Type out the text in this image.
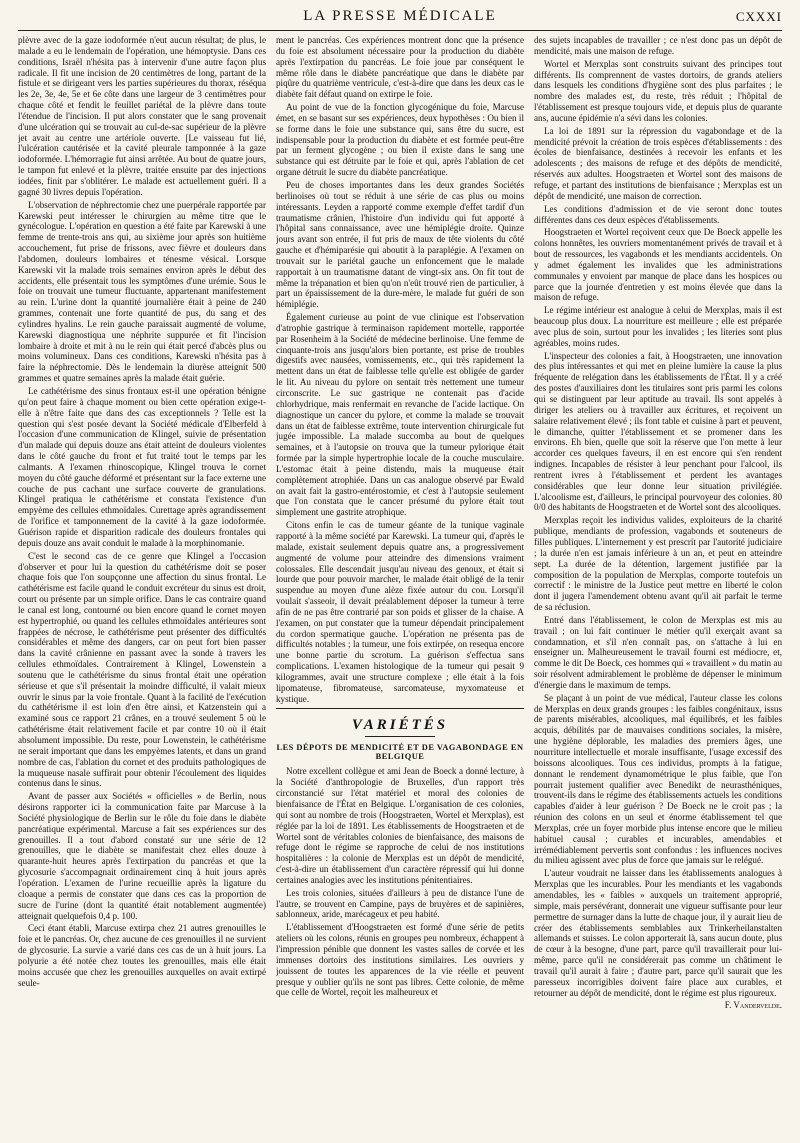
LA PRESSE MÉDICALE	CXXXI

plèvre avec de la gaze iodoformée n'eut aucun résultat; de plus, le malade a eu le lendemain de l'opération, une hémoptysie. Dans ces conditions, Israël n'hésita pas à intervenir d'une autre façon plus radicale. Il fit une incision de 20 centimètres de long, partant de la fistule et se dirigeant vers les parties supérieures du thorax, réséqua les 2e, 3e, 4e, 5e et 6e côte dans une largeur de 3 centimètres pour chaque côté et fendit le feuillet pariétal de la plèvre dans toute l'étendue de l'incision. Il put alors constater que le sang provenait d'une ulcération qui se trouvait au cul-de-sac supérieur de la plèvre jet avait au centre une artériole ouverte. [Le vaisseau fut lié, l'ulcération cautérisée et la cavité pleurale tamponnée à la gaze iodoformée. L'hémorragie fut ainsi arrêtée. Au bout de quatre jours, le tampon fut enlevé et la plèvre, traitée ensuite par des injections iodées, finit par s'oblitérer. Le malade est actuellement guéri. Il a gagné 30 livres depuis l'opération.

L'observation de néphrectomie chez une puerpérale rapportée par Karewski peut intéresser le chirurgien au même titre que le gynécologue. L'opération en question a été faite par Karewski à une femme de trente-trois ans qui, au sixième jour après son huitième accouchement, fut prise de frissons, avec fièvre et douleurs dans l'abdomen, douleurs lombaires et ténesme vésical. Lorsque Karewski vit la malade trois semaines environ après le début des accidents, elle présentait tous les symptômes d'une urémie. Sous le foie on trouvait une tumeur fluctuante, appartenant manifestement au rein. L'urine dont la quantité journalière était à peine de 240 grammes, contenait une forte quantité de pus, du sang et des cylindres hyalins. Le rein gauche paraissait augmenté de volume, Karewski diagnostiqua une néphrite suppurée et fit l'incision lombaire à droite et mit à nu le rein qui était percé d'abcès plus ou moins volumineux. Dans ces conditions, Karewski n'hésita pas à faire la néphrectomie. Dès le lendemain la diurèse atteignit 500 grammes et quatre semaines après la malade était guérie.

Le cathétérisme des sinus frontaux est-il une opération bénigne qu'on peut faire à chaque moment ou bien cette opération exige-t-elle à n'être faite que dans des cas exceptionnels ? Telle est la question qui s'est posée devant la Société médicale d'Elberfeld à l'occasion d'une communication de Klingel, suivie de présentation d'un malade qui depuis douze ans était atteint de douleurs violentes dans le côté gauche du front et fut traité tout le temps par les calmants. A l'examen rhinoscopique, Klingel trouva le cornet moyen du côté gauche déformé et présentant sur la face externe une couche de pus cachant une surface couverte de granulations. Klingel pratiqua le cathétérisme et constata l'existence d'un empyème des cellules ethmoïdales. Curettage après agrandissement de l'orifice et tamponnement de la cavité à la gaze iodoformée. Guérison rapide et disparition radicale des douleurs frontales qui depuis douze ans avait conduit le malade à la morphinomanie.

C'est le second cas de ce genre que Klingel a l'occasion d'observer et pour lui la question du cathétérisme doit se poser chaque fois que l'on soupçonne une affection du sinus frontal. Le cathétérisme est facile quand le conduit excréteur du sinus est droit, court ou présente par un simple orifice. Dans le cas contraire quand le canal est long, contourné ou bien encore quand le cornet moyen est hypertrophié, ou quand les cellules ethmoïdales antérieures sont frappées de nécrose, le cathétérisme peut présenter des difficultés considérables et même des dangers, car on peut fort bien passer dans la cavité crânienne en passant avec la sonde à travers les cellules ethmoïdales. Contrairement à Klingel, Lowenstein a soutenu que le cathétérisme du sinus frontal était une opération sérieuse et que s'il présentait la moindre difficulté, il valait mieux ouvrir le sinus par la voie frontale. Quant à la facilité de l'exécution du cathétérisme il est loin d'en être ainsi, et Katzenstein qui a examiné sous ce rapport 21 crânes, en a trouvé seulement 5 où le cathétérisme était relativement facile et par contre 10 où il était absolument impossible. Du reste, pour Lowenstein, le cathétérisme ne serait important que dans les empyèmes latents, et dans un grand nombre de cas, l'ablation du cornet et des produits pathologiques de la muqueuse nasale suffirait pour obtenir l'écoulement des liquides contenus dans le sinus.

Avant de passer aux Sociétés « officielles » de Berlin, nous désirons rapporter ici la communication faite par Marcuse à la Société physiologique de Berlin sur le rôle du foie dans le diabète pancréatique expérimental. Marcuse a fait ses expériences sur des grenouilles. Il a tout d'abord constaté sur une série de 12 grenouilles, que le diabète se manifestait chez elles douze à quarante-huit heures après l'extirpation du pancréas et que la glycosurie s'accompagnait ordinairement cinq à huit jours après l'opération. L'examen de l'urine recueillie après la ligature du cloaque a permis de constater que dans ces cas la proportion de sucre de l'urine (dont la quantité était notablement augmentée) atteignait quelquefois 0,4 p. 100.

Ceci étant établi, Marcuse extirpa chez 21 autres grenouilles le foie et le pancréas. Or, chez aucune de ces grenouilles il ne survient de glycosurie. La survie a varié dans ces cas de un à huit jours. La polyurie a été notée chez toutes les grenouilles, mais elle était moins accusée que chez les grenouilles auxquelles on avait extirpé seule-

ment le pancréas. Ces expériences montrent donc que la présence du foie est absolument nécessaire pour la production du diabète après l'extirpation du pancréas. Le foie joue par conséquent le même rôle dans le diabète pancréatique que dans le diabète par piqûre du quatrième ventricule, c'est-à-dire que dans les deux cas le diabète fait défaut quand on extirpe le foie.

Au point de vue de la fonction glycogénique du foie, Marcuse émet, en se basant sur ses expériences, deux hypothèses : Ou bien il se forme dans le foie une substance qui, sans être du sucre, est indispensable pour la production du diabète et est formée peut-être par un ferment glycogène ; ou bien il existe dans le sang une substance qui est détruite par le foie et qui, après l'ablation de cet organe détruit le sucre du diabète pancréatique.

Peu de choses importantes dans les deux grandes Sociétés berlinoises où tout se réduit à une série de cas plus ou moins intéressants. Leyden a rapporté comme exemple d'effet tardif d'un traumatisme crânien, l'histoire d'un individu qui fut apporté à l'hôpital sans connaissance, avec une hémiplégie droite. Quinze jours avant son entrée, il fut pris de maux de tête violents du côté gauche et d'hémiparésie qui aboutit à la paraplégie. A l'examen on trouvait sur le pariétal gauche un enfoncement que le malade rapportait à un traumatisme datant de vingt-six ans. On fit tout de même la trépanation et bien qu'on n'eût trouvé rien de particulier, à part un épaississement de la dure-mère, le malade fut guéri de son hémiplégie.

Également curieuse au point de vue clinique est l'observation d'atrophie gastrique à terminaison rapidement mortelle, rapportée par Rosenheim à la Société de médecine berlinoise. Une femme de cinquante-trois ans jusqu'alors bien portante, est prise de troubles digestifs avec nausées, vomissements, etc., qui très rapidement la mettent dans un état de faiblesse telle qu'elle est obligée de garder le lit. Au niveau du pylore on sentait très nettement une tumeur circonscrite. Le suc gastrique ne contenait pas d'acide chlorhydrique, mais renfermait en revanche de l'acide lactique. On diagnostique un cancer du pylore, et comme la malade se trouvait dans un état de faiblesse extrême, toute intervention chirurgicale fut jugée impossible. La malade succomba au bout de quelques semaines, et à l'autopsie on trouva que la tumeur pylorique était formée par la simple hypertrophie locale de la couche musculaire. L'estomac était à peine distendu, mais la muqueuse était complètement atrophiée. Dans un cas analogue observé par Ewald on avait fait la gastro-entérostomie, et c'est à l'autopsie seulement que l'on constata que le cancer présumé du pylore était tout simplement une gastrite atrophique.

Citons enfin le cas de tumeur géante de la tunique vaginale rapporté à la même société par Karewski. La tumeur qui, d'après le malade, existait seulement depuis quatre ans, a progressivement augmenté de volume pour atteindre des dimensions vraiment colossales. Elle descendait jusqu'au niveau des genoux, et était si lourde que pour pouvoir marcher, le malade était obligé de la tenir suspendue au moyen d'une alèze fixée autour du cou. Lorsqu'il voulait s'asseoir, il devait préalablement déposer la tumeur à terre afin de ne pas être contrarié par son poids et glisser de la chaise. A l'examen, on put constater que la tumeur dépendait principalement du cordon spermatique gauche. L'opération ne présenta pas de difficultés notables ; la tumeur, une fois extirpée, on resequa encore une bonne partie du scrotum. La guérison s'effectua sans complications. L'examen histologique de la tumeur qui pesait 9 kilogrammes, avait une structure complexe ; elle était à la fois lipomateuse, fibromateuse, sarcomateuse, myxomateuse et kystique.

VARIÉTÉS
LES DÉPOTS DE MENDICITÉ ET DE VAGABONDAGE EN BELGIQUE

Notre excellent collègue et ami Jean de Boeck a donné lecture, à la Société d'anthropologie de Bruxelles, d'un rapport très circonstancié sur l'état matériel et moral des colonies de bienfaisance de l'État en Belgique. L'organisation de ces colonies, qui sont au nombre de trois (Hoogstraeten, Wortel et Merxplas), est réglée par la loi de 1891. Les établissements de Hoogstraeten et de Wortel sont de véritables colonies de bienfaisance, des maisons de refuge dont le régime se rapproche de celui de nos institutions hospitalières : la colonie de Merxplas est un dépôt de mendicité, c'est-à-dire un établissement d'un caractère répressif qui lui donne certaines analogies avec les institutions pénitentiaires.

Les trois colonies, situées d'ailleurs à peu de distance l'une de l'autre, se trouvent en Campine, pays de bruyères et de sapinières, sablonneux, aride, marécageux et peu habité.

L'établissement d'Hoogstraeten est formé d'une série de petits ateliers où les colons, réunis en groupes peu nombreux, échappent à l'impression pénible que donnent les vastes salles de corvée et les immenses dortoirs des institutions similaires. Les ouvriers y jouissent de toutes les apparences de la vie réelle et peuvent presque y oublier qu'ils ne sont pas libres. Cette colonie, de même que celle de Wortel, reçoit les malheureux et

des sujets incapables de travailler ; ce n'est donc pas un dépôt de mendicité, mais une maison de refuge.

Wortel et Merxplas sont construits suivant des principes tout différents. Ils comprennent de vastes dortoirs, de grands ateliers dans lesquels les conditions d'hygiène sont des plus parfaites ; le nombre des malades est, du reste, très réduit ; l'hôpital de l'établissement est presque toujours vide, et depuis plus de quarante ans, aucune épidémie n'a sévi dans les colonies.

La loi de 1891 sur la répression du vagabondage et de la mendicité prévoit la création de trois espèces d'établissements : des écoles de bienfaisance, destinées à recevoir les enfants et les adolescents ; des maisons de refuge et des dépôts de mendicité, réservés aux adultes. Hoogstraeten et Wortel sont des maisons de refuge, et partant des institutions de bienfaisance ; Merxplas est un dépôt de mendicité, une maison de correction.

Les conditions d'admission et de vie seront donc toutes différentes dans ces deux espèces d'établissements.

Hoogstraeten et Wortel reçoivent ceux que De Boeck appelle les colons honnêtes, les ouvriers momentanément privés de travail et à bout de ressources, les vagabonds et les mendiants accidentels. On y admet également les invalides que les administrations communales y envoient par manque de place dans les hospices ou parce que la journée d'entretien y est moins élevée que dans la maison de refuge.

Le régime intérieur est analogue à celui de Merxplas, mais il est beaucoup plus doux. La nourriture est meilleure ; elle est préparée avec plus de soin, surtout pour les invalides ; les literies sont plus agréables, moins rudes.

L'inspecteur des colonies a fait, à Hoogstraeten, une innovation des plus intéressantes et qui met en pleine lumière la cause la plus fréquente de relégation dans les établissements de l'État. Il y a créé des postes d'auxiliaires dont les titulaires sont pris parmi les colons qui se distinguent par leur aptitude au travail. Ils sont appelés à diriger les ateliers ou à travailler aux écritures, et reçoivent un salaire relativement élevé ; ils font table et cuisine à part et peuvent, le dimanche, quitter l'établissement et se promener dans les environs. Eh bien, quelle que soit la réserve que l'on mette à leur accorder ces quelques faveurs, il en est encore qui s'en rendent indignes. Incapables de résister à leur penchant pour l'alcool, ils rentrent ivres à l'établissement et perdent les avantages considérables que leur donne leur situation privilégiée. L'alcoolisme est, d'ailleurs, le principal pourvoyeur des colonies. 80 0/0 des habitants de Hoogstraeten et de Wortel sont des alcooliques.

Merxplas reçoit les individus valides, exploiteurs de la charité publique, mendiants de profession, vagabonds et souteneurs de filles publiques. L'internement y est prescrit par l'autorité judiciaire ; la durée n'en est jamais inférieure à un an, et peut en atteindre sept. La durée de la détention, largement justifiée par la composition de la population de Merxplas, comporte toutefois un correctif : le ministre de la Justice peut mettre en liberté le colon dont il jugera l'amendement obtenu avant qu'il ait parfait le terme de sa réclusion.

Entré dans l'établissement, le colon de Merxplas est mis au travail ; on lui fait continuer le métier qu'il exerçait avant sa condamnation, et s'il n'en connaît pas, on s'attache à lui en enseigner un. Malheureusement le travail fourni est médiocre, et, comme le dit De Boeck, ces hommes qui « travaillent » du matin au soir résolvent admirablement le problème de dépenser le minimum d'énergie dans le maximum de temps.

Se plaçant à un point de vue médical, l'auteur classe les colons de Merxplas en deux grands groupes : les faibles congénitaux, issus de parents misérables, alcooliques, mal équilibrés, et les faibles acquis, débilités par de mauvaises conditions sociales, la misère, une hygiène déplorable, les maladies des premiers âges, une nourriture intellectuelle et morale insuffisante, l'usage excessif des boissons alcooliques. Tous ces individus, prompts à la fatigue, donnant le rendement dynamométrique le plus faible, que l'on pourrait justement qualifier avec Benedikt de neurasthéniques, trouvent-ils dans le régime des établissements actuels les conditions capables d'aider à leur guérison ? De Boeck ne le croit pas ; la réunion des colons en un seul et énorme établissement tel que Merxplas, crée un foyer morbide plus intense encore que le milieu habituel causal ; curables et incurables, amendables et irrémédiablement pervertis sont confondus : les influences nocives du milieu agissent avec plus de force que jamais sur le relégué.

L'auteur voudrait ne laisser dans les établissements analogues à Merxplas que les incurables. Pour les mendiants et les vagabonds amendables, les « faibles » auxquels un traitement approprié, simple, mais persévérant, donnerait une vigueur suffisante pour leur permettre de surnager dans la lutte de chaque jour, il y aurait lieu de créer des établissements semblables aux Trinkerheilanstalten allemands et suisses. Le colon apporterait là, sans aucun doute, plus de cœur à la besogne, d'une part, parce qu'il travaillerait pour lui-même, parce qu'il ne considérerait pas comme un châtiment le travail qu'il aurait à faire ; d'autre part, parce qu'il saurait que les paresseux incorrigibles doivent faire place aux curables, et retourner au dépôt de mendicité, dont le régime est plus rigoureux.

F. Vandervelde.
